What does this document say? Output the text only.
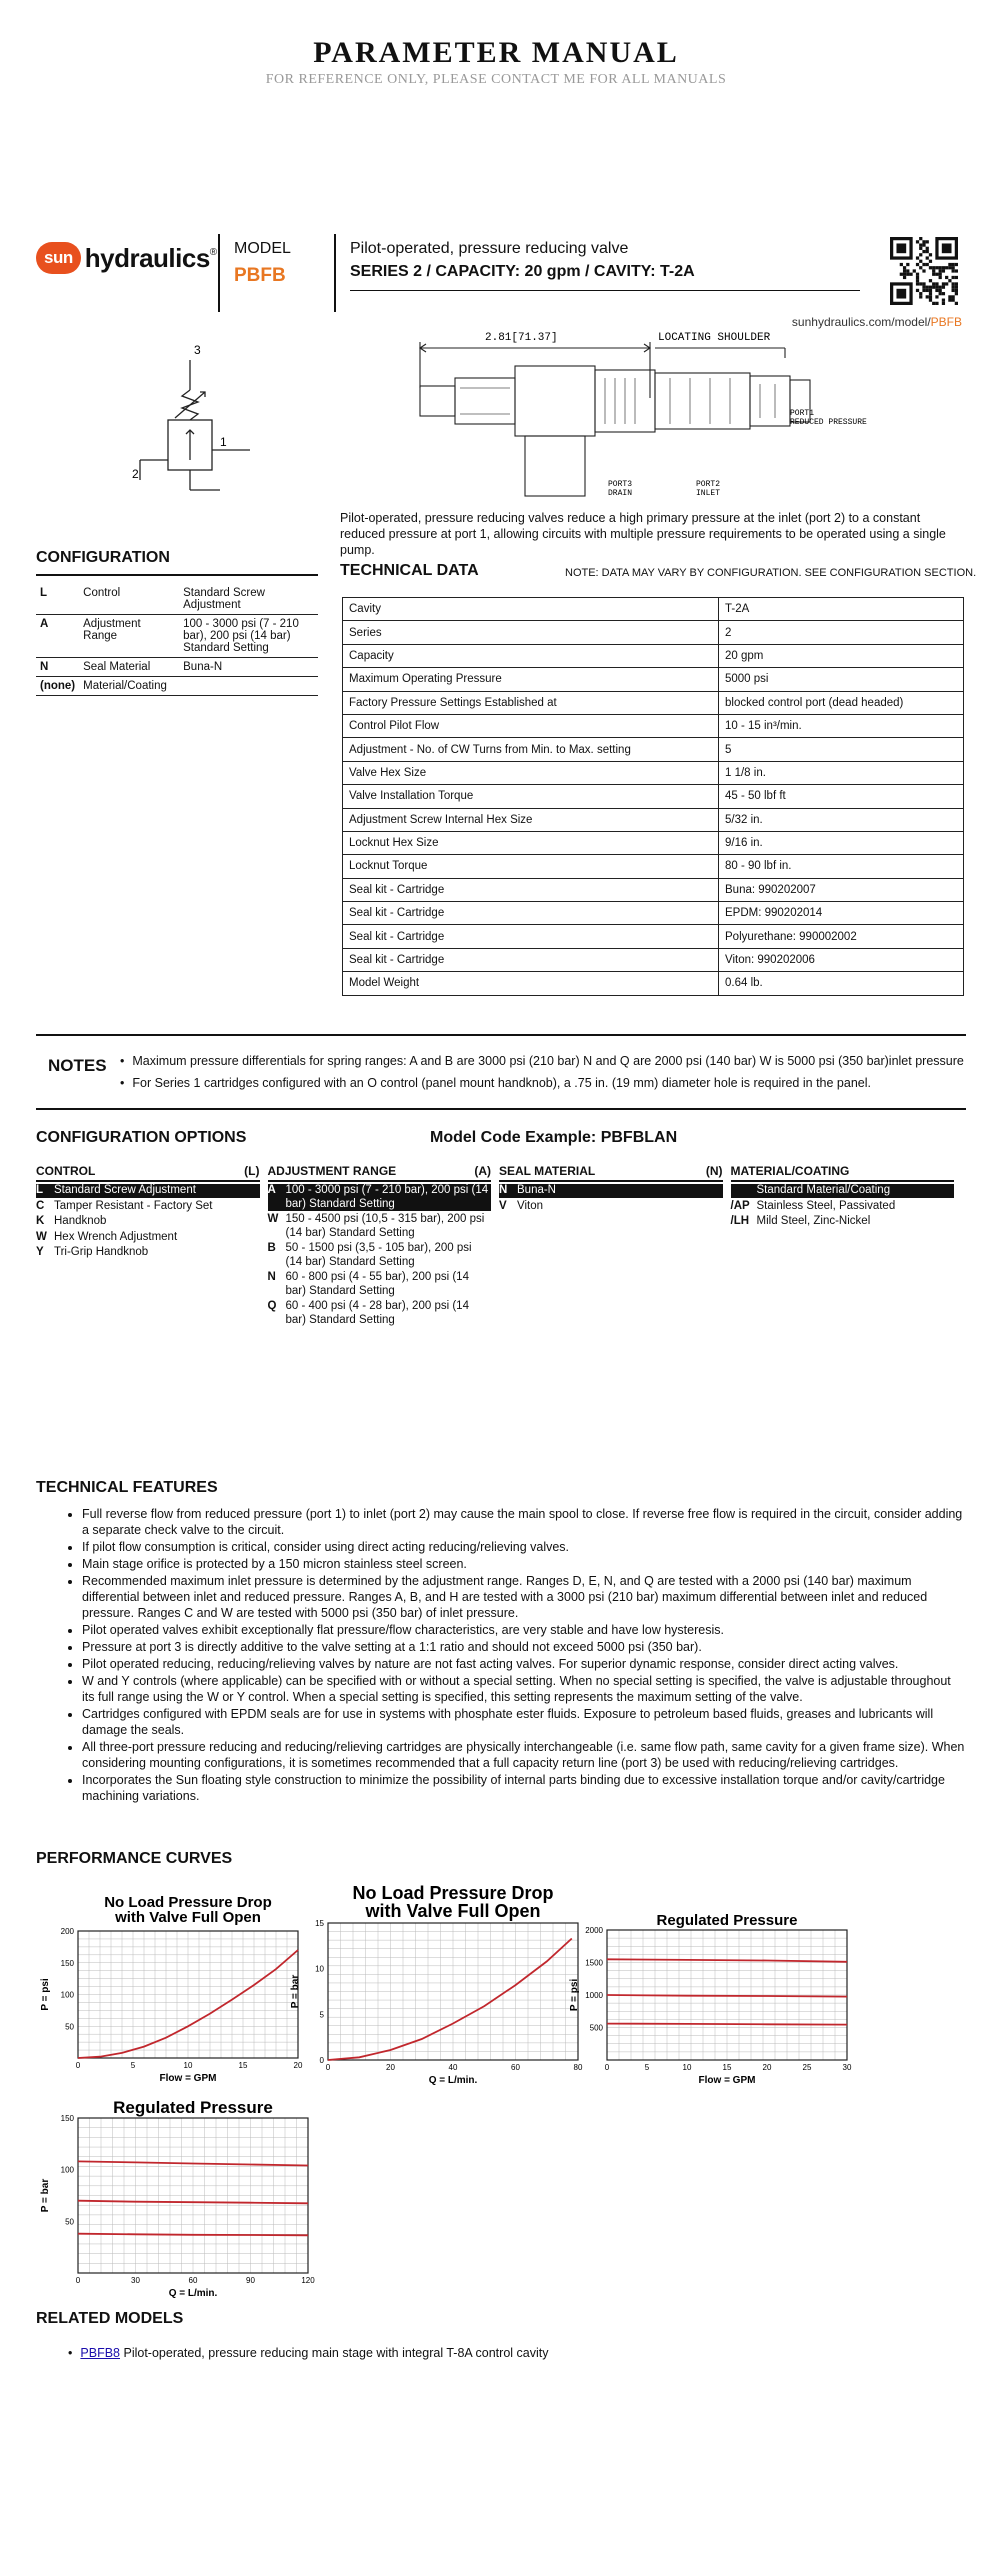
PARAMETER MANUAL
FOR REFERENCE ONLY, PLEASE CONTACT ME FOR ALL MANUALS
sun hydraulics ® MODEL
PBFB
Pilot-operated, pressure reducing valve
SERIES 2 / CAPACITY: 20 gpm / CAVITY: T-2A
sunhydraulics.com/model/PBFB
3
2
1
2.81[71.37]	LOCATING SHOULDER
PORT1
REDUCED PRESSURE
PORT3
DRAIN
PORT2
INLET
Pilot-operated, pressure reducing valves reduce a high primary pressure at the inlet (port 2) to a constant reduced pressure at port 1, allowing circuits with multiple pressure requirements to be operated using a single pump.
CONFIGURATION
L	Control	Standard Screw Adjustment
A	Adjustment Range	100 - 3000 psi (7 - 210 bar), 200 psi (14 bar) Standard Setting
N	Seal Material	Buna-N
(none)	Material/Coating	
TECHNICAL DATA	NOTE: DATA MAY VARY BY CONFIGURATION. SEE CONFIGURATION SECTION.
Cavity	T-2A
Series	2
Capacity	20 gpm
Maximum Operating Pressure	5000 psi
Factory Pressure Settings Established at	blocked control port (dead headed)
Control Pilot Flow	10 - 15 in³/min.
Adjustment - No. of CW Turns from Min. to Max. setting	5
Valve Hex Size	1 1/8 in.
Valve Installation Torque	45 - 50 lbf ft
Adjustment Screw Internal Hex Size	5/32 in.
Locknut Hex Size	9/16 in.
Locknut Torque	80 - 90 lbf in.
Seal kit - Cartridge	Buna: 990202007
Seal kit - Cartridge	EPDM: 990202014
Seal kit - Cartridge	Polyurethane: 990002002
Seal kit - Cartridge	Viton: 990202006
Model Weight	0.64 lb.
NOTES	• Maximum pressure differentials for spring ranges: A and B are 3000 psi (210 bar) N and Q are 2000 psi (140 bar) W is 5000 psi (350 bar)inlet pressure
• For Series 1 cartridges configured with an O control (panel mount handknob), a .75 in. (19 mm) diameter hole is required in the panel.
CONFIGURATION OPTIONS	Model Code Example: PBFBLAN
CONTROL	(L)
L Standard Screw Adjustment
C Tamper Resistant - Factory Set
K Handknob
W Hex Wrench Adjustment
Y Tri-Grip Handknob
ADJUSTMENT RANGE	(A)
A 100 - 3000 psi (7 - 210 bar), 200 psi (14 bar) Standard Setting
W 150 - 4500 psi (10,5 - 315 bar), 200 psi (14 bar) Standard Setting
B 50 - 1500 psi (3,5 - 105 bar), 200 psi (14 bar) Standard Setting
N 60 - 800 psi (4 - 55 bar), 200 psi (14 bar) Standard Setting
Q 60 - 400 psi (4 - 28 bar), 200 psi (14 bar) Standard Setting
SEAL MATERIAL	(N)
N Buna-N
V Viton
MATERIAL/COATING
Standard Material/Coating
/AP Stainless Steel, Passivated
/LH Mild Steel, Zinc-Nickel
TECHNICAL FEATURES
• Full reverse flow from reduced pressure (port 1) to inlet (port 2) may cause the main spool to close. If reverse free flow is required in the circuit, consider adding a separate check valve to the circuit.
• If pilot flow consumption is critical, consider using direct acting reducing/relieving valves.
• Main stage orifice is protected by a 150 micron stainless steel screen.
• Recommended maximum inlet pressure is determined by the adjustment range. Ranges D, E, N, and Q are tested with a 2000 psi (140 bar) maximum differential between inlet and reduced pressure. Ranges A, B, and H are tested with a 3000 psi (210 bar) maximum differential between inlet and reduced pressure. Ranges C and W are tested with 5000 psi (350 bar) of inlet pressure.
• Pilot operated valves exhibit exceptionally flat pressure/flow characteristics, are very stable and have low hysteresis.
• Pressure at port 3 is directly additive to the valve setting at a 1:1 ratio and should not exceed 5000 psi (350 bar).
• Pilot operated reducing, reducing/relieving valves by nature are not fast acting valves. For superior dynamic response, consider direct acting valves.
• W and Y controls (where applicable) can be specified with or without a special setting. When no special setting is specified, the valve is adjustable throughout its full range using the W or Y control. When a special setting is specified, this setting represents the maximum setting of the valve.
• Cartridges configured with EPDM seals are for use in systems with phosphate ester fluids. Exposure to petroleum based fluids, greases and lubricants will damage the seals.
• All three-port pressure reducing and reducing/relieving cartridges are physically interchangeable (i.e. same flow path, same cavity for a given frame size). When considering mounting configurations, it is sometimes recommended that a full capacity return line (port 3) be used with reducing/relieving cartridges.
• Incorporates the Sun floating style construction to minimize the possibility of internal parts binding due to excessive installation torque and/or cavity/cartridge machining variations.
PERFORMANCE CURVES
No Load Pressure Drop with Valve Full Open
0	5	10	15	20
50
100
150
200
Flow = GPM
P = psi
No Load Pressure Drop with Valve Full Open
0	20	40	60	80
0
5
10
15
Q = L/min.
P = bar
Regulated Pressure
0	5	10	15	20	25	30
500
1000
1500
2000
Flow = GPM
P = psi
Regulated Pressure
0	30	60	90	120
50
100
150
Q = L/min.
P = bar
RELATED MODELS
• PBFB8 Pilot-operated, pressure reducing main stage with integral T-8A control cavity
